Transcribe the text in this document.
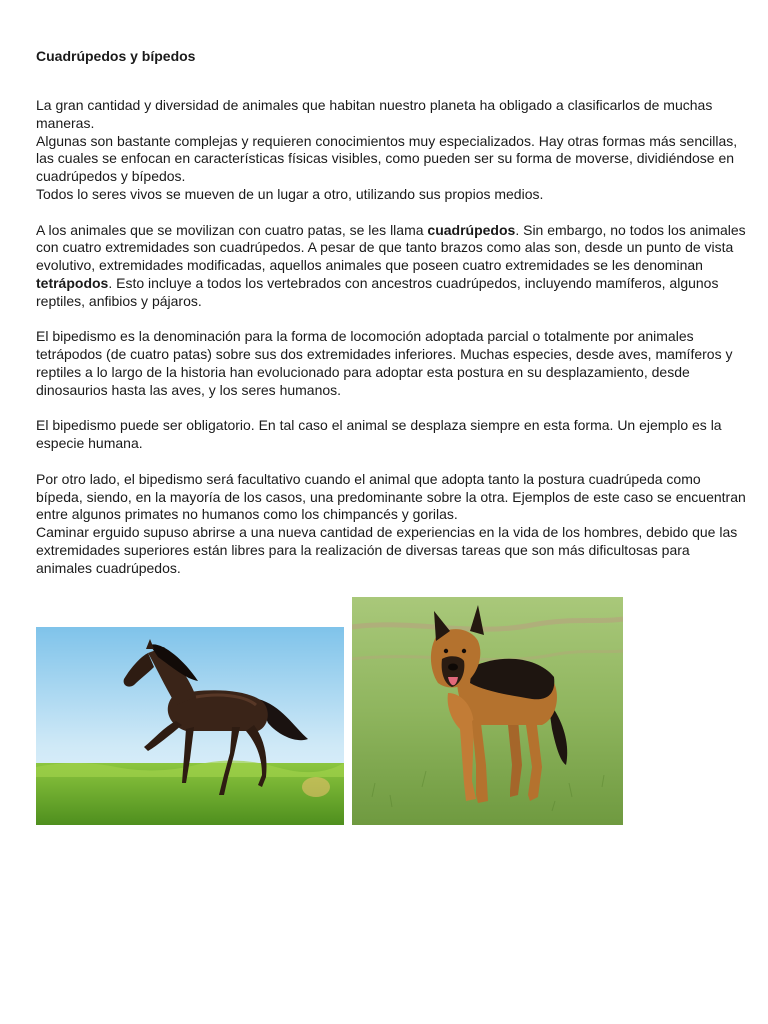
Cuadrúpedos y bípedos

La gran cantidad y diversidad de animales que habitan nuestro planeta ha obligado a clasificarlos de muchas maneras.
Algunas son bastante complejas y requieren conocimientos muy especializados. Hay otras formas más sencillas, las cuales se enfocan en características físicas visibles, como pueden ser su forma de moverse, dividiéndose en cuadrúpedos y bípedos.
Todos lo seres vivos se mueven de un lugar a otro, utilizando sus propios medios.

A los animales que se movilizan con cuatro patas, se les llama cuadrúpedos. Sin embargo, no todos los animales con cuatro extremidades son cuadrúpedos. A pesar de que tanto brazos como alas son, desde un punto de vista evolutivo, extremidades modificadas, aquellos animales que poseen cuatro extremidades se les denominan tetrápodos. Esto incluye a todos los vertebrados con ancestros cuadrúpedos, incluyendo mamíferos, algunos reptiles, anfibios y pájaros.

El bipedismo es la denominación para la forma de locomoción adoptada parcial o totalmente por animales tetrápodos (de cuatro patas) sobre sus dos extremidades inferiores. Muchas especies, desde aves, mamíferos y reptiles a lo largo de la historia han evolucionado para adoptar esta postura en su desplazamiento, desde dinosaurios hasta las aves, y los seres humanos.

El bipedismo puede ser obligatorio. En tal caso el animal se desplaza siempre en esta forma. Un ejemplo es la especie humana.

Por otro lado, el bipedismo será facultativo cuando el animal que adopta tanto la postura cuadrúpeda como bípeda, siendo, en la mayoría de los casos, una predominante sobre la otra. Ejemplos de este caso se encuentran entre algunos primates no humanos como los chimpancés y gorilas.
Caminar erguido supuso abrirse a una nueva cantidad de experiencias en la vida de los hombres, debido que las extremidades superiores están libres para la realización de diversas tareas que son más dificultosas para animales cuadrúpedos.
